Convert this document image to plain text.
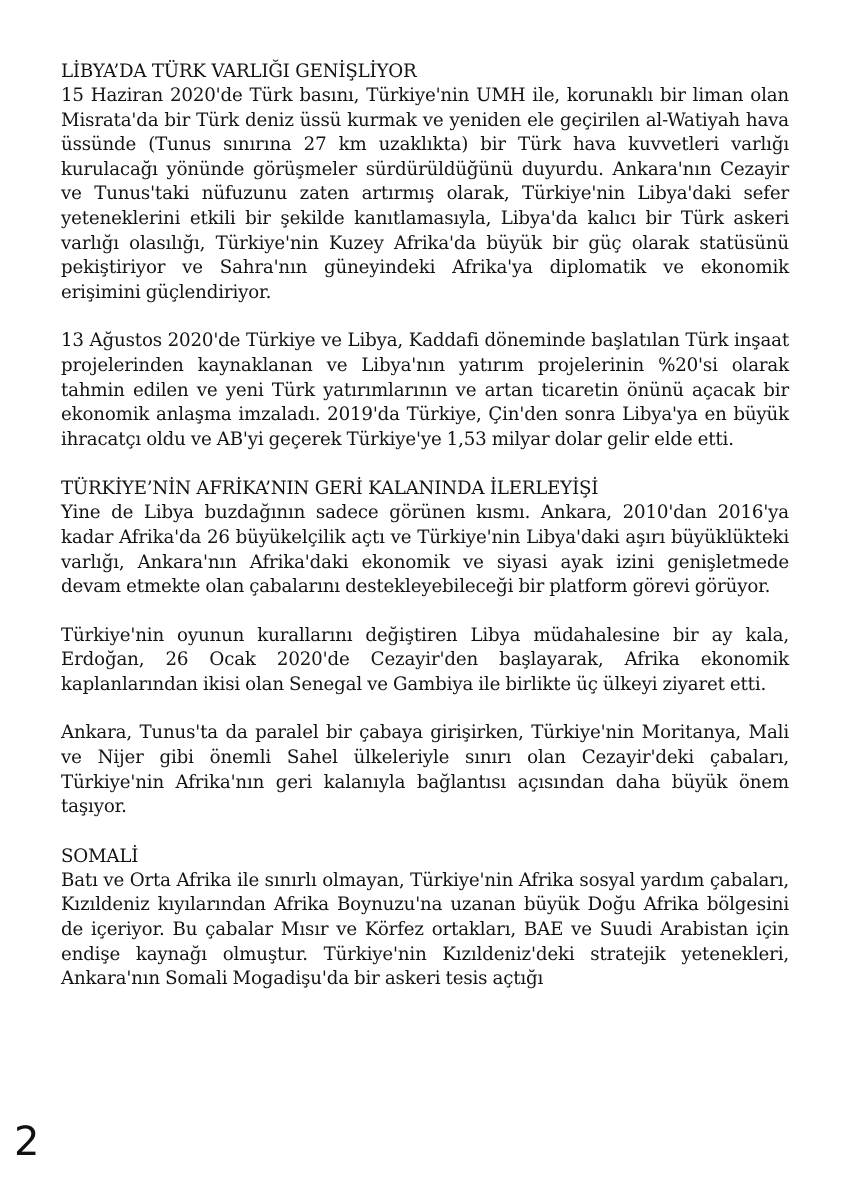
LİBYA’DA TÜRK VARLIĞI GENİŞLİYOR

15 Haziran 2020'de Türk basını, Türkiye'nin UMH ile, korunaklı bir liman olan Misrata'da bir Türk deniz üssü kurmak ve yeniden ele geçirilen al-Watiyah hava üssünde (Tunus sınırına 27 km uzaklıkta) bir Türk hava kuvvetleri varlığı kurulacağı yönünde görüşmeler sürdürüldüğünü duyurdu. Ankara'nın Cezayir ve Tunus'taki nüfuzunu zaten artırmış olarak, Türkiye'nin Libya'daki sefer yeteneklerini etkili bir şekilde kanıtlamasıyla, Libya'da kalıcı bir Türk askeri varlığı olasılığı, Türkiye'nin Kuzey Afrika'da büyük bir güç olarak statüsünü pekiştiriyor ve Sahra'nın güneyindeki Afrika'ya diplomatik ve ekonomik erişimini güçlendiriyor.

13 Ağustos 2020'de Türkiye ve Libya, Kaddafi döneminde başlatılan Türk inşaat projelerinden kaynaklanan ve Libya'nın yatırım projelerinin %20'si olarak tahmin edilen ve yeni Türk yatırımlarının ve artan ticaretin önünü açacak bir ekonomik anlaşma imzaladı. 2019'da Türkiye, Çin'den sonra Libya'ya en büyük ihracatçı oldu ve AB'yi geçerek Türkiye'ye 1,53 milyar dolar gelir elde etti.

TÜRKİYE’NİN AFRİKA’NIN GERİ KALANINDA İLERLEYİŞİ

Yine de Libya buzdağının sadece görünen kısmı. Ankara, 2010'dan 2016'ya kadar Afrika'da 26 büyükelçilik açtı ve Türkiye'nin Libya'daki aşırı büyüklükteki varlığı, Ankara'nın Afrika'daki ekonomik ve siyasi ayak izini genişletmede devam etmekte olan çabalarını destekleyebileceği bir platform görevi görüyor.

Türkiye'nin oyunun kurallarını değiştiren Libya müdahalesine bir ay kala, Erdoğan, 26 Ocak 2020'de Cezayir'den başlayarak, Afrika ekonomik kaplanlarından ikisi olan Senegal ve Gambiya ile birlikte üç ülkeyi ziyaret etti.

Ankara, Tunus'ta da paralel bir çabaya girişirken, Türkiye'nin Moritanya, Mali ve Nijer gibi önemli Sahel ülkeleriyle sınırı olan Cezayir'deki çabaları, Türkiye'nin Afrika'nın geri kalanıyla bağlantısı açısından daha büyük önem taşıyor.

SOMALİ

Batı ve Orta Afrika ile sınırlı olmayan, Türkiye'nin Afrika sosyal yardım çabaları, Kızıldeniz kıyılarından Afrika Boynuzu'na uzanan büyük Doğu Afrika bölgesini de içeriyor. Bu çabalar Mısır ve Körfez ortakları, BAE ve Suudi Arabistan için endişe kaynağı olmuştur. Türkiye'nin Kızıldeniz'deki stratejik yetenekleri, Ankara'nın Somali Mogadişu'da bir askeri tesis açtığı

2
